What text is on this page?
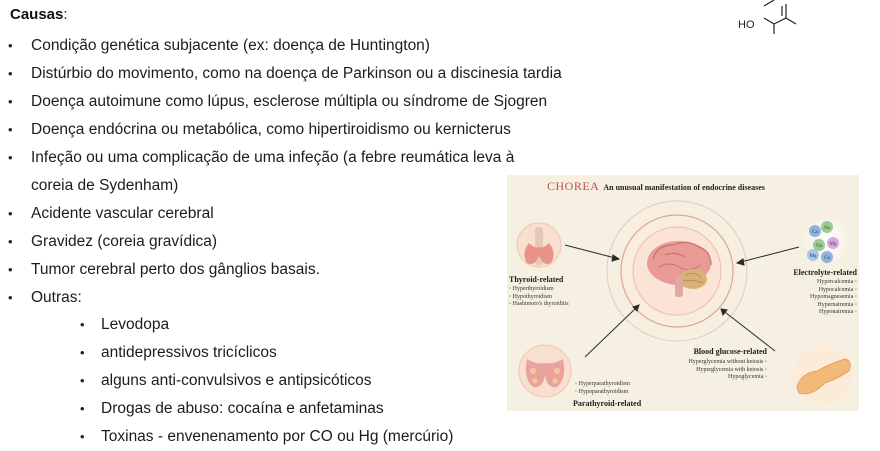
Causas:
• Condição genética subjacente (ex: doença de Huntington)
• Distúrbio do movimento, como na doença de Parkinson ou a discinesia tardia
• Doença autoimune como lúpus, esclerose múltipla ou síndrome de Sjogren
• Doença endócrina ou metabólica, como hipertiroidismo ou kernicterus
• Infeção ou uma complicação de uma infeção (a febre reumática leva à
coreia de Sydenham)
• Acidente vascular cerebral
• Gravidez (coreia gravídica)
• Tumor cerebral perto dos gânglios basais.
• Outras:
• Levodopa
• antidepressivos tricíclicos
• alguns anti-convulsivos e antipsicóticos
• Drogas de abuso: cocaína e anfetaminas
• Toxinas - envenenamento por CO ou Hg (mercúrio)
HO
Ca
Na
Na Mg
Mg Ca
CHOREA An unusual manifestation of endocrine diseases
Thyroid-related
◦ Hyperthyroidism
◦ Hypothyroidism
◦ Hashimoto's thyroiditis
Electrolyte-related
Hypercalcemia ◦
Hypocalcemia ◦
Hypomagnesemia ◦
Hypernatremia ◦
Hyponatremia ◦
Blood glucose-related
Hyperglycemia without ketosis ◦
Hyperglycemia with ketosis ◦
Hypoglycemia ◦
◦ Hyperparathyroidism
◦ Hypoparathyroidism
Parathyroid-related
